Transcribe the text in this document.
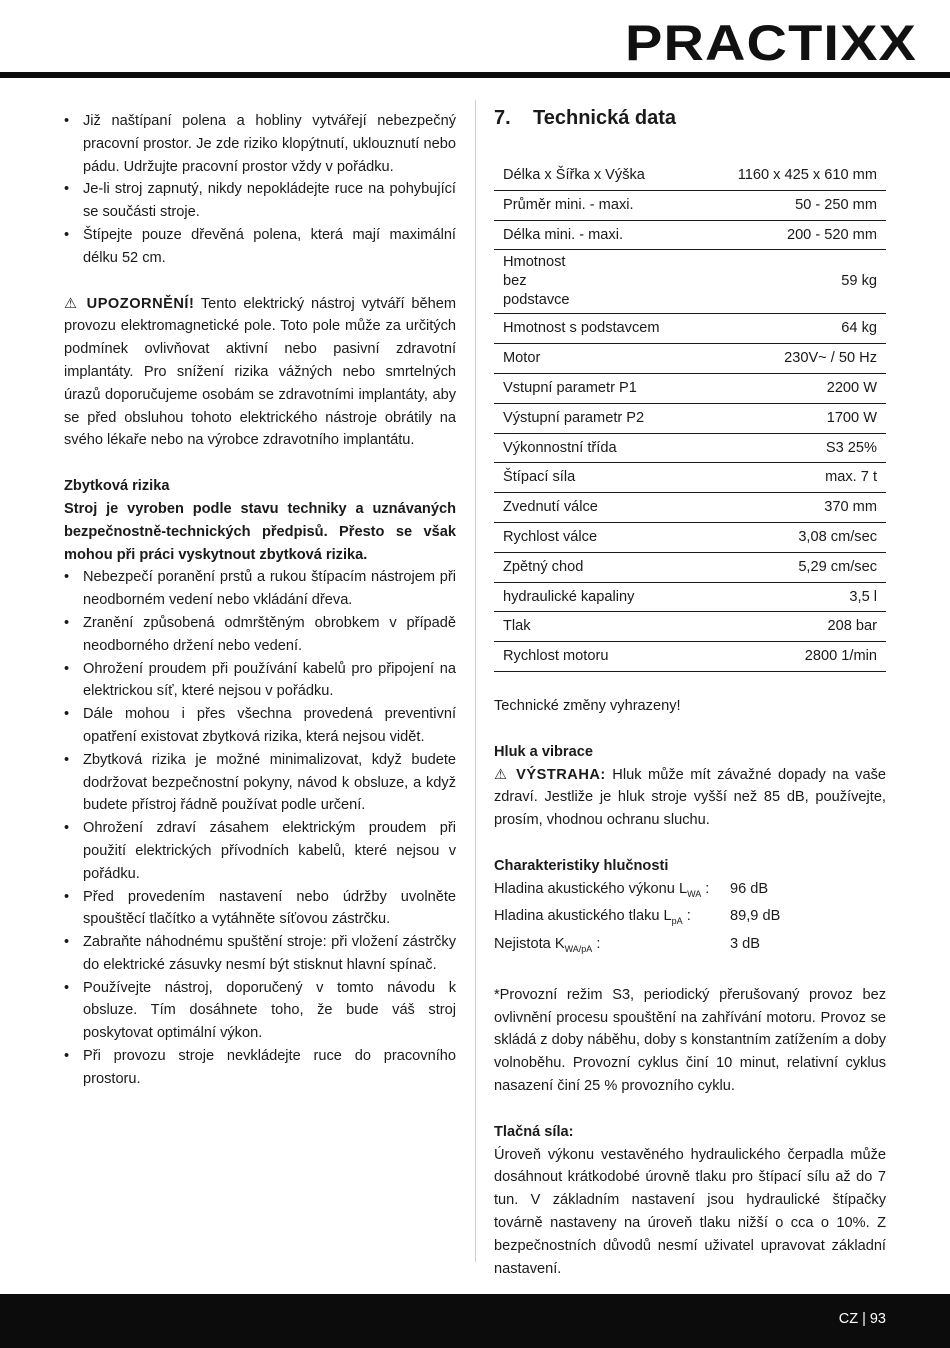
PRACTIXX
• Již naštípaní polena a hobliny vytvářejí nebezpečný pracovní prostor. Je zde riziko klopýtnutí, uklouznutí nebo pádu. Udržujte pracovní prostor vždy v pořádku.
• Je-li stroj zapnutý, nikdy nepokládejte ruce na pohybující se součásti stroje.
• Štípejte pouze dřevěná polena, která mají maximální délku 52 cm.

⚠ UPOZORNĚNÍ! Tento elektrický nástroj vytváří během provozu elektromagnetické pole. Toto pole může za určitých podmínek ovlivňovat aktivní nebo pasivní zdravotní implantáty. Pro snížení rizika vážných nebo smrtelných úrazů doporučujeme osobám se zdravotními implantáty, aby se před obsluhou tohoto elektrického nástroje obrátily na svého lékaře nebo na výrobce zdravotního implantátu.

Zbytková rizika

Stroj je vyroben podle stavu techniky a uznávaných bezpečnostně-technických předpisů. Přesto se však mohou při práci vyskytnout zbytková rizika.

• Nebezpečí poranění prstů a rukou štípacím nástrojem při neodborném vedení nebo vkládání dřeva.
• Zranění způsobená odmrštěným obrobkem v případě neodborného držení nebo vedení.
• Ohrožení proudem při používání kabelů pro připojení na elektrickou síť, které nejsou v pořádku.
• Dále mohou i přes všechna provedená preventivní opatření existovat zbytková rizika, která nejsou vidět.
• Zbytková rizika je možné minimalizovat, když budete dodržovat bezpečnostní pokyny, návod k obsluze, a když budete přístroj řádně používat podle určení.
• Ohrožení zdraví zásahem elektrickým proudem při použití elektrických přívodních kabelů, které nejsou v pořádku.
• Před provedením nastavení nebo údržby uvolněte spouštěcí tlačítko a vytáhněte síťovou zástrčku.
• Zabraňte náhodnému spuštění stroje: při vložení zástrčky do elektrické zásuvky nesmí být stisknut hlavní spínač.
• Používejte nástroj, doporučený v tomto návodu k obsluze. Tím dosáhnete toho, že bude váš stroj poskytovat optimální výkon.
• Při provozu stroje nevkládejte ruce do pracovního prostoru.
7. Technická data
Délka x Šířka x Výška	1160 x 425 x 610 mm
Průměr mini. - maxi.	50 - 250 mm
Délka mini. - maxi.	200 - 520 mm
Hmotnost bez podstavce	59 kg
Hmotnost s podstavcem	64 kg
Motor	230V~ / 50 Hz
Vstupní parametr P1	2200 W
Výstupní parametr P2	1700 W
Výkonnostní třída	S3 25%
Štípací síla	max. 7 t
Zvednutí válce	370 mm
Rychlost válce	3,08 cm/sec
Zpětný chod	5,29 cm/sec
hydraulické kapaliny	3,5 l
Tlak	208 bar
Rychlost motoru	2800 1/min

Technické změny vyhrazeny!

Hluk a vibrace

⚠ VÝSTRAHA: Hluk může mít závažné dopady na vaše zdraví. Jestliže je hluk stroje vyšší než 85 dB, používejte, prosím, vhodnou ochranu sluchu.

Charakteristiky hlučnosti

Hladina akustického výkonu $L_{WA}$ :	96 dB
Hladina akustického tlaku $L_{pA}$ :	89,9 dB
Nejistota $K_{WA/pA}$ :	3 dB

*Provozní režim S3, periodický přerušovaný provoz bez ovlivnění procesu spouštění na zahřívání motoru. Provoz se skládá z doby náběhu, doby s konstantním zatížením a doby volnoběhu. Provozní cyklus činí 10 minut, relativní cyklus nasazení činí 25 % provozního cyklu.

Tlačná síla:

Úroveň výkonu vestavěného hydraulického čerpadla může dosáhnout krátkodobé úrovně tlaku pro štípací sílu až do 7 tun. V základním nastavení jsou hydraulické štípačky továrně nastaveny na úroveň tlaku nižší o cca o 10%. Z bezpečnostních důvodů nesmí uživatel upravovat základní nastavení.

CZ | 93
